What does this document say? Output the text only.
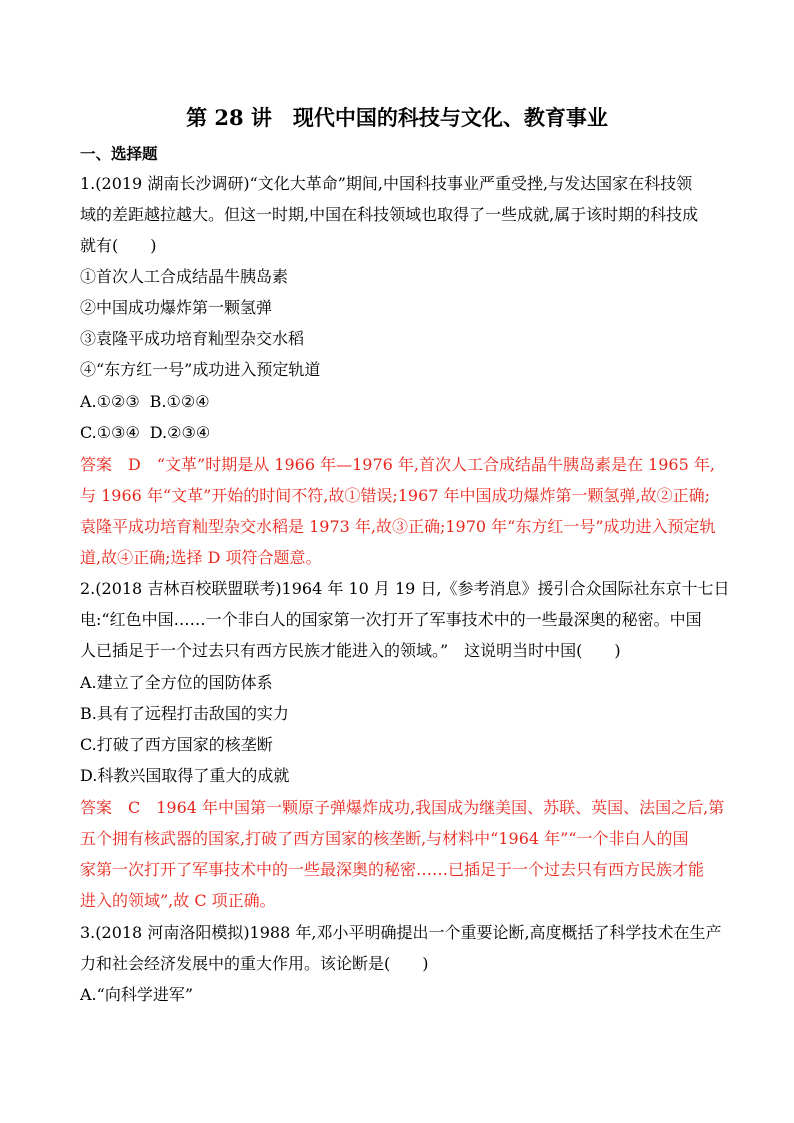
第 28 讲　现代中国的科技与文化、教育事业
一、选择题
1.(2019 湖南长沙调研)“文化大革命”期间,中国科技事业严重受挫,与发达国家在科技领
域的差距越拉越大。但这一时期,中国在科技领域也取得了一些成就,属于该时期的科技成
就有(　　)
①首次人工合成结晶牛胰岛素
②中国成功爆炸第一颗氢弹
③袁隆平成功培育籼型杂交水稻
④“东方红一号”成功进入预定轨道
A.①②③ B.①②④
C.①③④ D.②③④
答案　D　“文革”时期是从 1966 年—1976 年,首次人工合成结晶牛胰岛素是在 1965 年,
与 1966 年“文革”开始的时间不符,故①错误;1967 年中国成功爆炸第一颗氢弹,故②正确;
袁隆平成功培育籼型杂交水稻是 1973 年,故③正确;1970 年“东方红一号”成功进入预定轨
道,故④正确;选择 D 项符合题意。
2.(2018 吉林百校联盟联考)1964 年 10 月 19 日,《参考消息》援引合众国际社东京十七日
电:“红色中国……一个非白人的国家第一次打开了军事技术中的一些最深奥的秘密。中国
人已插足于一个过去只有西方民族才能进入的领域。”　这说明当时中国(　　)
A.建立了全方位的国防体系
B.具有了远程打击敌国的实力
C.打破了西方国家的核垄断
D.科教兴国取得了重大的成就
答案　C　1964 年中国第一颗原子弹爆炸成功,我国成为继美国、苏联、英国、法国之后,第
五个拥有核武器的国家,打破了西方国家的核垄断,与材料中“1964 年”“一个非白人的国
家第一次打开了军事技术中的一些最深奥的秘密……已插足于一个过去只有西方民族才能
进入的领域”,故 C 项正确。
3.(2018 河南洛阳模拟)1988 年,邓小平明确提出一个重要论断,高度概括了科学技术在生产
力和社会经济发展中的重大作用。该论断是(　　)
A.“向科学进军”
